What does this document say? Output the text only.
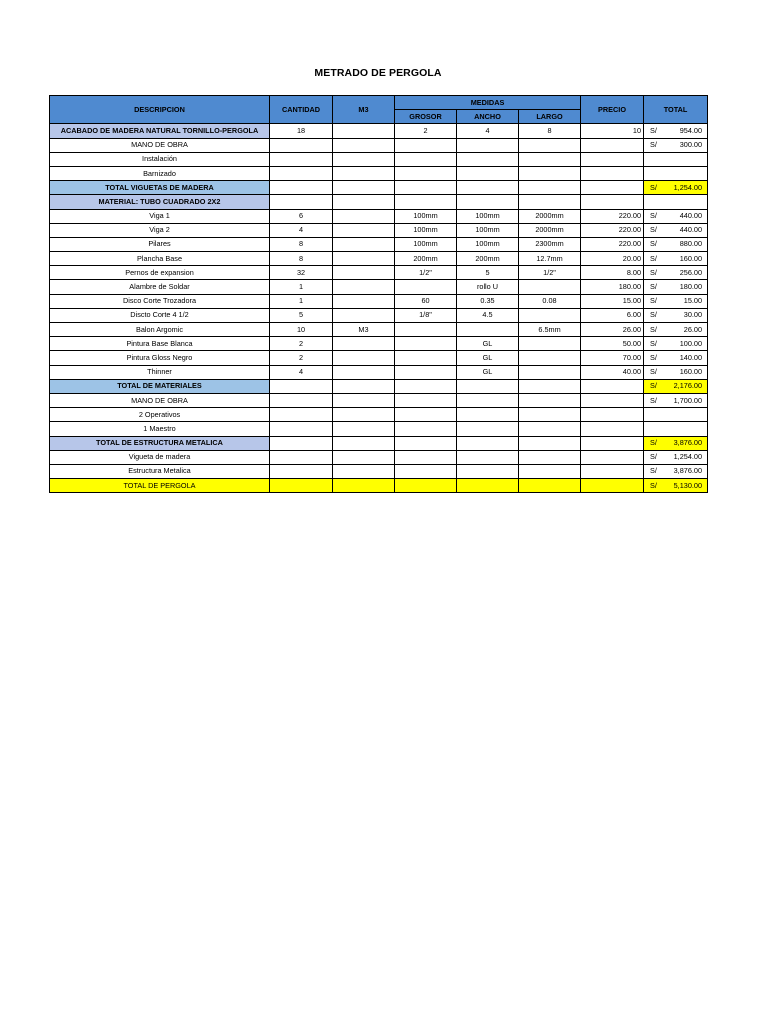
METRADO DE PERGOLA
DESCRIPCION	CANTIDAD	M3	MEDIDAS			PRECIO	TOTAL
			GROSOR	ANCHO	LARGO		
ACABADO DE MADERA NATURAL TORNILLO-PERGOLA	18		2	4	8	10	S/ 954.00

MANO DE OBRA							S/ 300.00

Instalación							
Barnizado							
TOTAL VIGUETAS DE MADERA							S/ 1,254.00

MATERIAL: TUBO CUADRADO 2X2							
Viga 1	6		100mm	100mm	2000mm	220.00	S/ 440.00

Viga 2	4		100mm	100mm	2000mm	220.00	S/ 440.00

Pilares	8		100mm	100mm	2300mm	220.00	S/ 880.00

Plancha Base	8		200mm	200mm	12.7mm	20.00	S/ 160.00

Pernos de expansion	32		1/2"	5	1/2"	8.00	S/ 256.00

Alambre de Soldar	1			rollo U		180.00	S/ 180.00

Disco Corte Trozadora	1		60	0.35	0.08	15.00	S/ 15.00

Discto Corte 4 1/2	5		1/8"	4.5		6.00	S/ 30.00

Balon Argomic	10	M3			6.5mm	26.00	S/ 26.00

Pintura Base Blanca	2			GL		50.00	S/ 100.00

Pintura Gloss Negro	2			GL		70.00	S/ 140.00

Thinner	4			GL		40.00	S/ 160.00

TOTAL DE MATERIALES							S/ 2,176.00

MANO DE OBRA							S/ 1,700.00

2 Operativos							
1 Maestro							
TOTAL DE ESTRUCTURA METALICA							S/ 3,876.00

Vigueta de madera							S/ 1,254.00

Estructura Metalica							S/ 3,876.00

TOTAL DE PERGOLA							S/ 5,130.00
